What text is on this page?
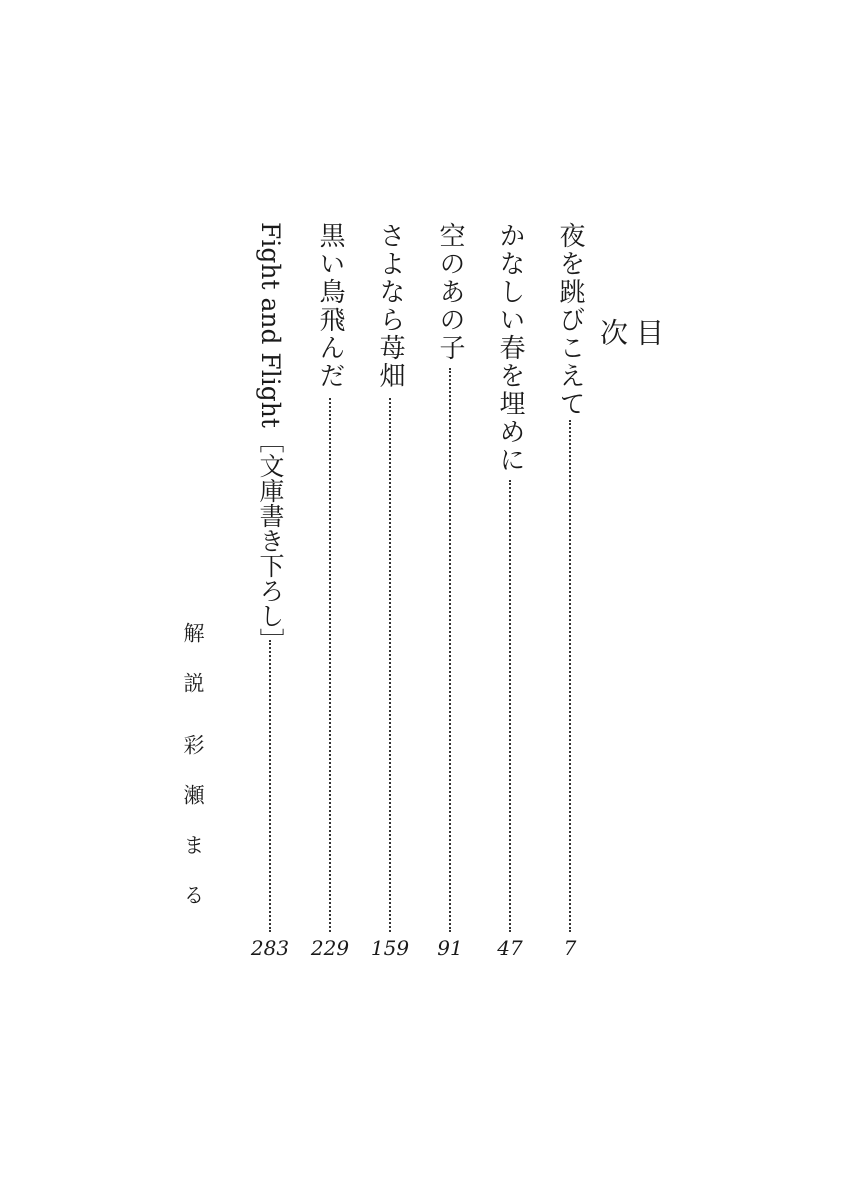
目次
夜を跳びこえて
7
かなしい春を埋めに
47
空のあの子
91
さよなら苺畑
159
黒い鳥飛んだ
229
Fight and Flight［文庫書き下ろし］
283
解説彩瀬まる
